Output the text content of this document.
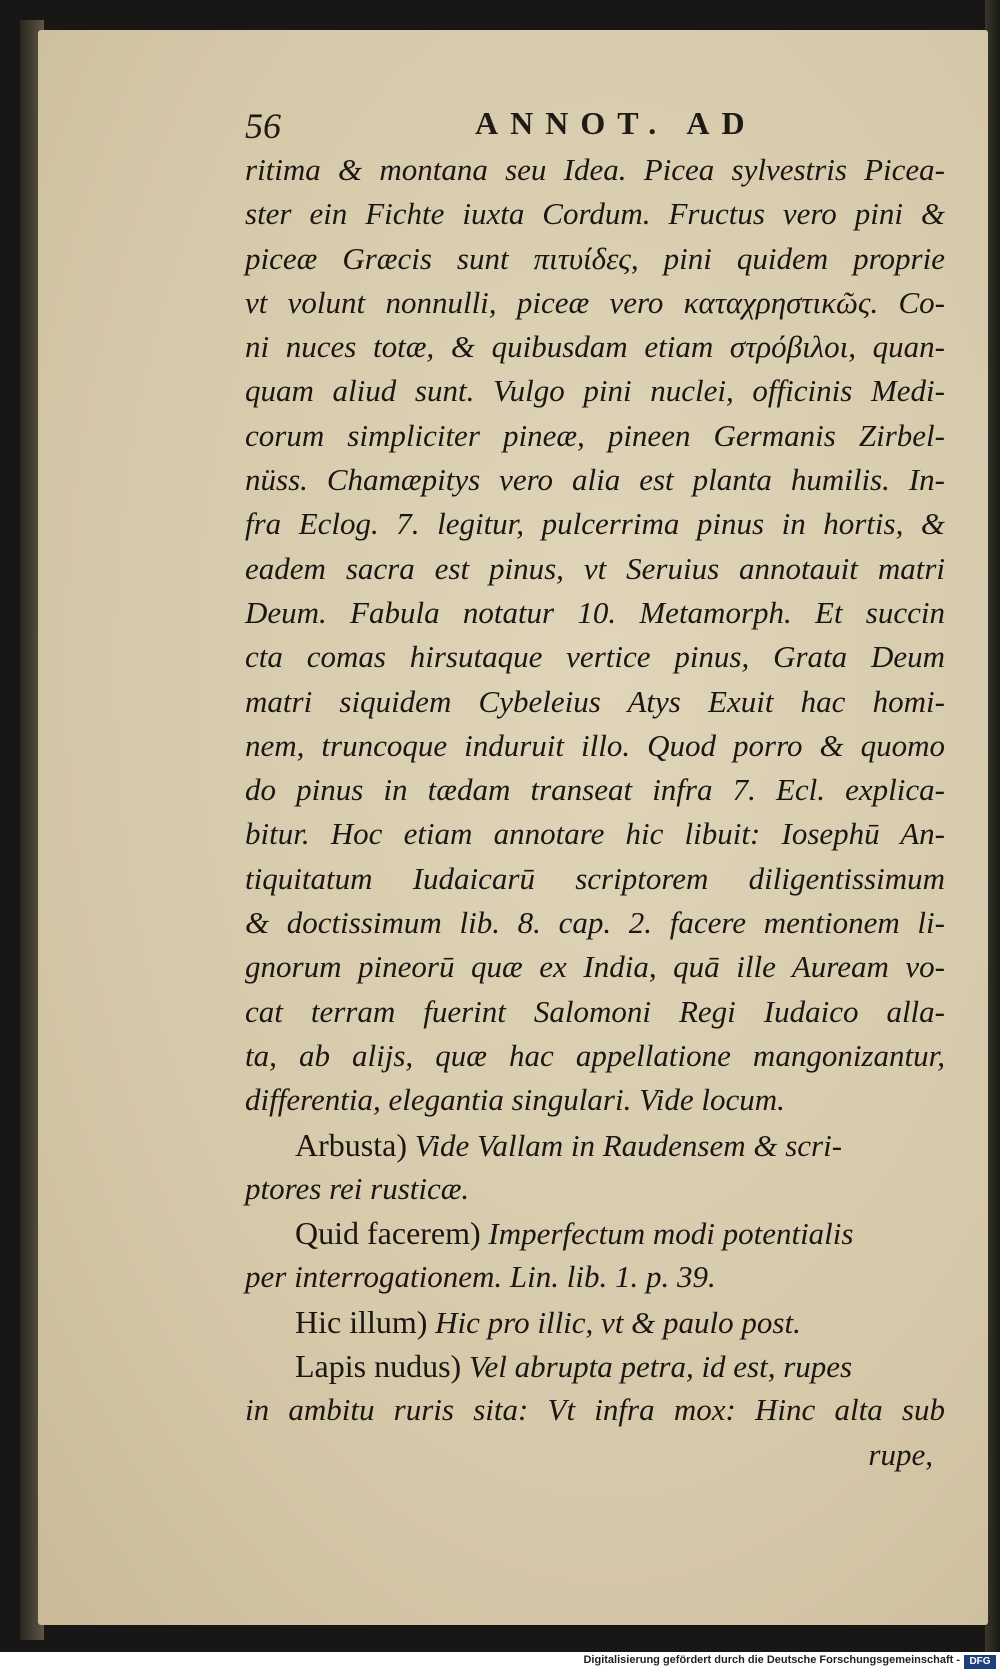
56	ANNOT. AD
ritima & montana seu Idea. Picea sylvestris Picea-
ster ein Fichte iuxta Cordum. Fructus vero pini &
piceæ Græcis sunt πιτυίδες, pini quidem proprie
vt volunt nonnulli, piceæ vero καταχρηστικῶς. Co-
ni nuces totæ, & quibusdam etiam στρόβιλοι, quan-
quam aliud sunt. Vulgo pini nuclei, officinis Medi-
corum simpliciter pineæ, pineen Germanis Zirbel-
nüss. Chamæpitys vero alia est planta humilis. In-
fra Eclog. 7. legitur, pulcerrima pinus in hortis, &
eadem sacra est pinus, vt Seruius annotauit matri
Deum. Fabula notatur 10. Metamorph. Et succin
cta comas hirsutaque vertice pinus, Grata Deum
matri siquidem Cybeleius Atys Exuit hac homi-
nem, truncoque induruit illo. Quod porro & quomo
do pinus in tædam transeat infra 7. Ecl. explica-
bitur. Hoc etiam annotare hic libuit: Iosephū An-
tiquitatum Iudaicarū scriptorem diligentissimum
& doctissimum lib. 8. cap. 2. facere mentionem li-
gnorum pineorū quæ ex India, quā ille Auream vo-
cat terram fuerint Salomoni Regi Iudaico alla-
ta, ab alijs, quæ hac appellatione mangonizantur,
differentia, elegantia singulari. Vide locum.
Arbusta) Vide Vallam in Raudensem & scri-
ptores rei rusticæ.
Quid facerem) Imperfectum modi potentialis
per interrogationem. Lin. lib. 1. p. 39.
Hic illum) Hic pro illic, vt & paulo post.
Lapis nudus) Vel abrupta petra, id est, rupes
in ambitu ruris sita: Vt infra mox: Hinc alta sub
rupe,
Digitalisierung gefördert durch die Deutsche Forschungsgemeinschaft - DFG
